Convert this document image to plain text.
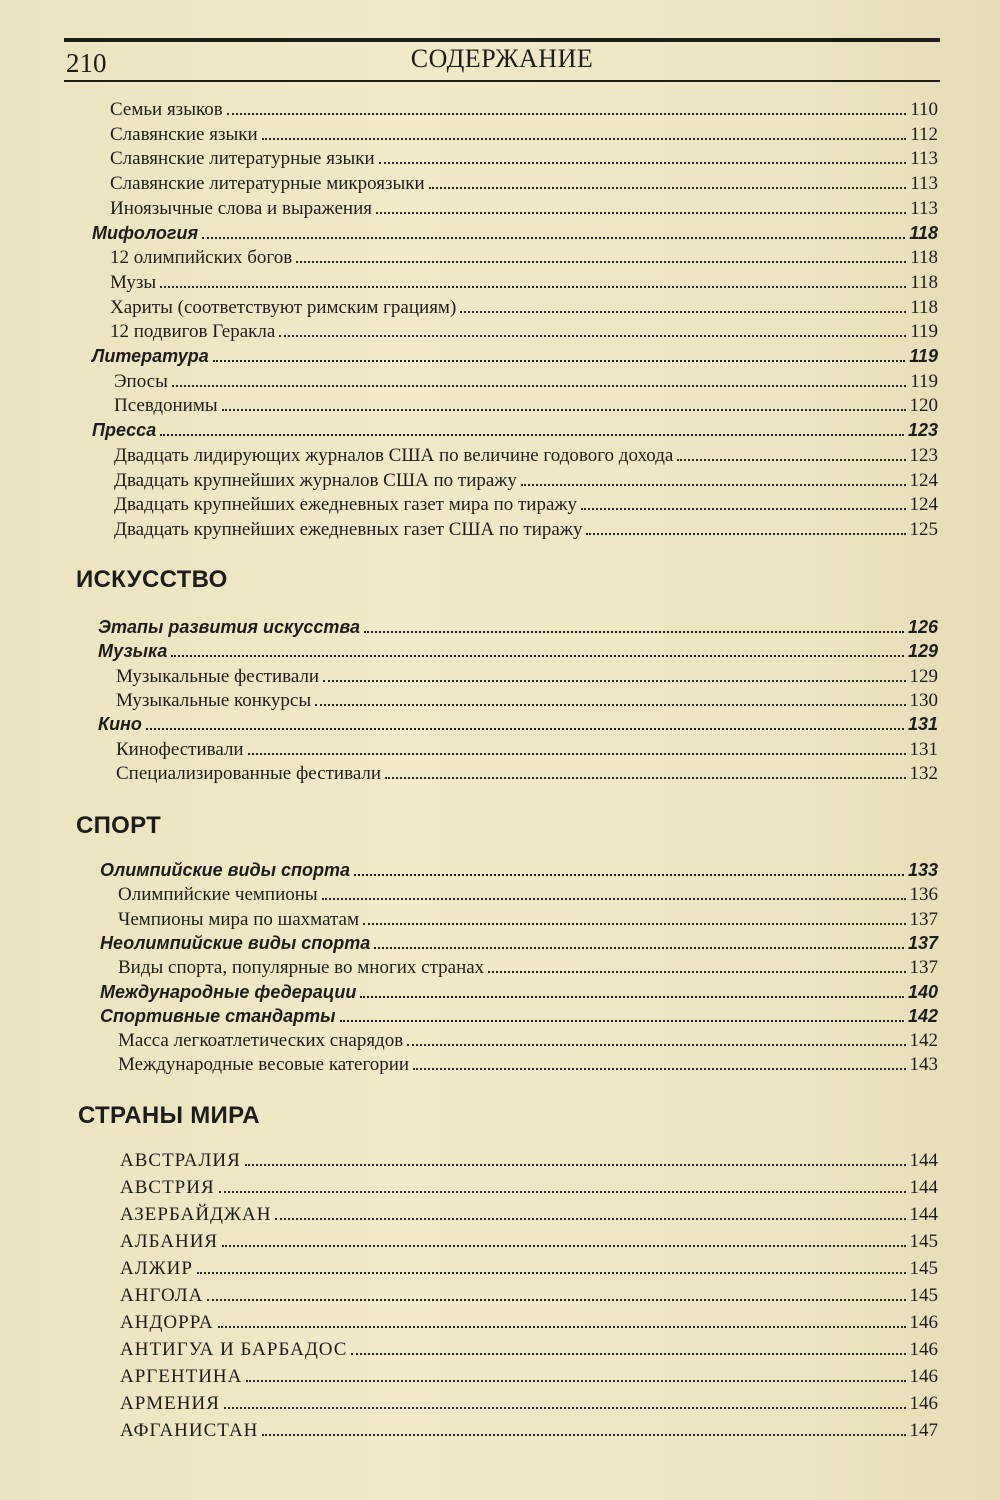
210	СОДЕРЖАНИЕ
Семьи языков	110
Славянские языки	112
Славянские литературные языки	113
Славянские литературные микроязыки	113
Иноязычные слова и выражения	113
Мифология	118
12 олимпийских богов	118
Музы	118
Хариты (соответствуют римским грациям)	118
12 подвигов Геракла	119
Литература	119
Эпосы	119
Псевдонимы	120
Пресса	123
Двадцать лидирующих журналов США по величине годового дохода	123
Двадцать крупнейших журналов США по тиражу	124
Двадцать крупнейших ежедневных газет мира по тиражу	124
Двадцать крупнейших ежедневных газет США по тиражу	125
ИСКУССТВО
Этапы развития искусства	126
Музыка	129
Музыкальные фестивали	129
Музыкальные конкурсы	130
Кино	131
Кинофестивали	131
Специализированные фестивали	132
СПОРТ
Олимпийские виды спорта	133
Олимпийские чемпионы	136
Чемпионы мира по шахматам	137
Неолимпийские виды спорта	137
Виды спорта, популярные во многих странах	137
Международные федерации	140
Спортивные стандарты	142
Масса легкоатлетических снарядов	142
Международные весовые категории	143
СТРАНЫ МИРА
АВСТРАЛИЯ	144
АВСТРИЯ	144
АЗЕРБАЙДЖАН	144
АЛБАНИЯ	145
АЛЖИР	145
АНГОЛА	145
АНДОРРА	146
АНТИГУА И БАРБАДОС	146
АРГЕНТИНА	146
АРМЕНИЯ	146
АФГАНИСТАН	147
